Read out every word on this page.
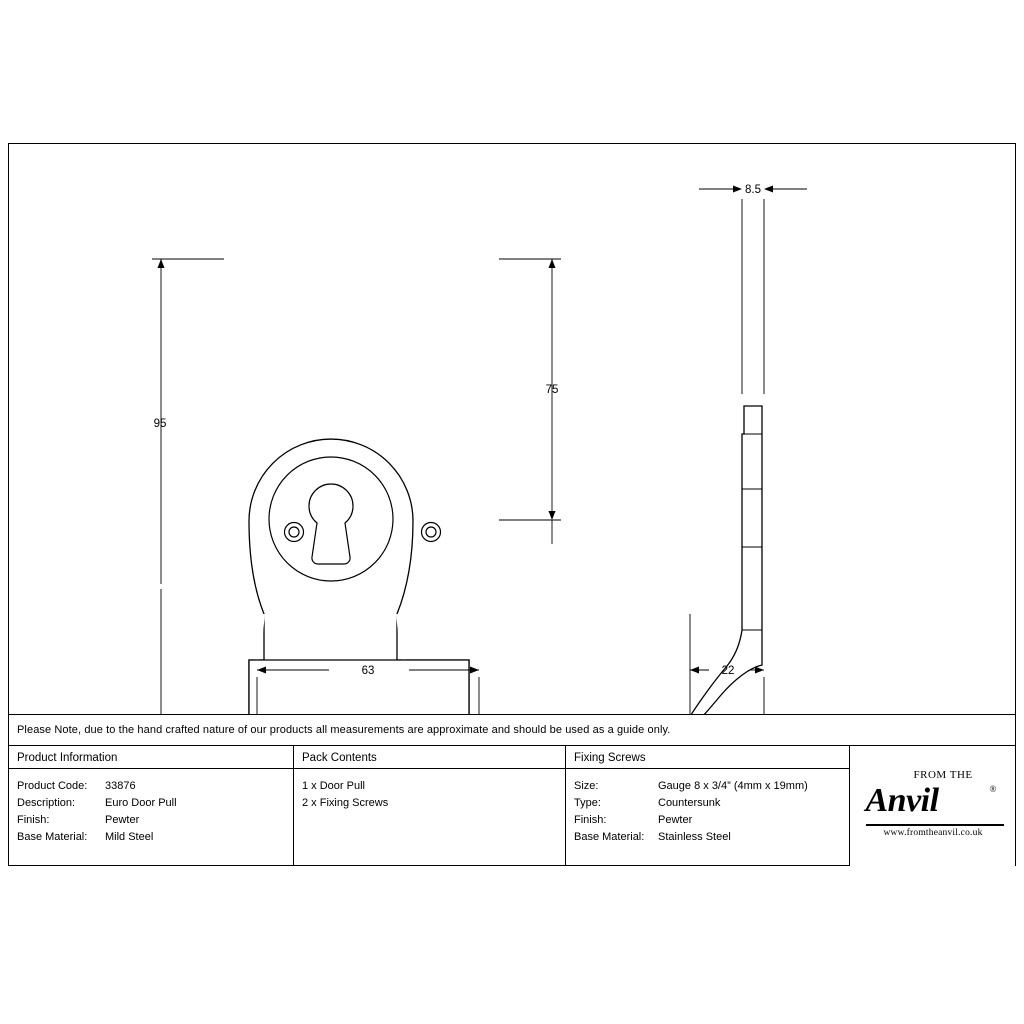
95
75
63
8.5
22
Please Note, due to the hand crafted nature of our products all measurements are approximate and should be used as a guide only.
Product Information
Product Code:	33876
Description:	Euro Door Pull
Finish:	Pewter
Base Material:	Mild Steel
Pack Contents
1 x Door Pull
2 x Fixing Screws
Fixing Screws
Size:	Gauge 8 x 3/4” (4mm x 19mm)
Type:	Countersunk
Finish:	Pewter
Base Material:	Stainless Steel
FROM THE
Anvil	®
www.fromtheanvil.co.uk
